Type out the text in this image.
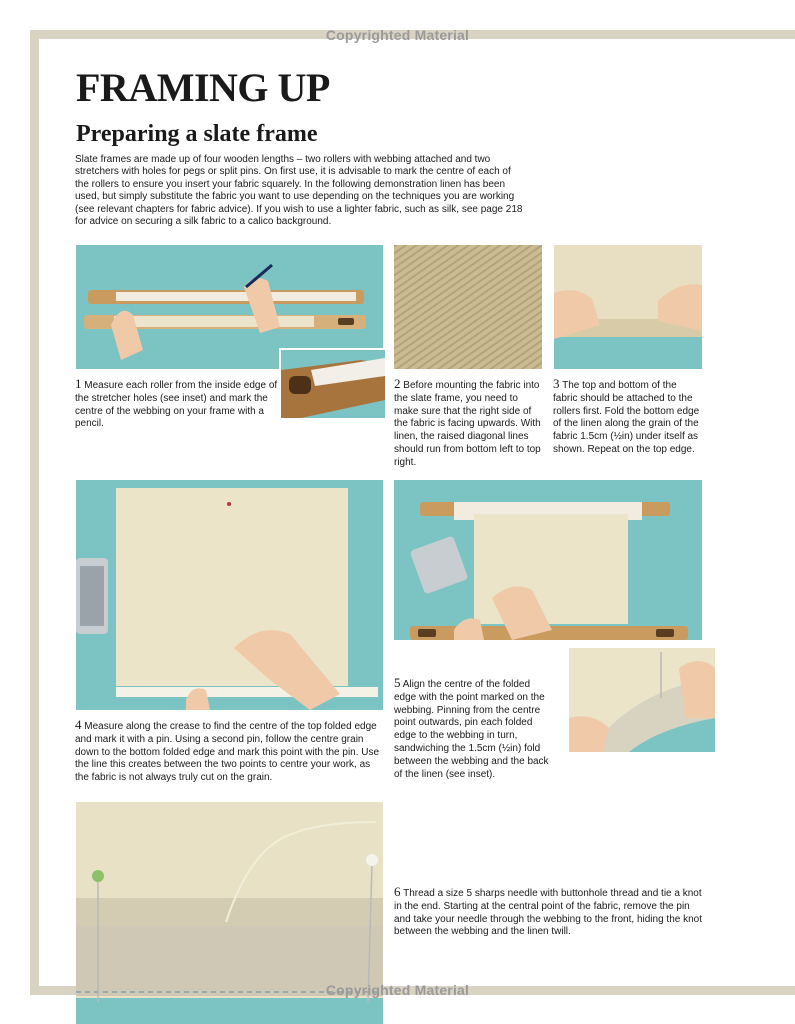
Copyrighted Material
FRAMING UP
Preparing a slate frame

Slate frames are made up of four wooden lengths – two rollers with webbing attached and two stretchers with holes for pegs or split pins. On first use, it is advisable to mark the centre of each of the rollers to ensure you insert your fabric squarely. In the following demonstration linen has been used, but simply substitute the fabric you want to use depending on the techniques you are working (see relevant chapters for fabric advice). If you wish to use a lighter fabric, such as silk, see page 218 for advice on securing a silk fabric to a calico background.

1 Measure each roller from the inside edge of the stretcher holes (see inset) and mark the centre of the webbing on your frame with a pencil.

2 Before mounting the fabric into the slate frame, you need to make sure that the right side of the fabric is facing upwards. With linen, the raised diagonal lines should run from bottom left to top right.

3 The top and bottom of the fabric should be attached to the rollers first. Fold the bottom edge of the linen along the grain of the fabric 1.5cm (½in) under itself as shown. Repeat on the top edge.

4 Measure along the crease to find the centre of the top folded edge and mark it with a pin. Using a second pin, follow the centre grain down to the bottom folded edge and mark this point with the pin. Use the line this creates between the two points to centre your work, as the fabric is not always truly cut on the grain.

5 Align the centre of the folded edge with the point marked on the webbing. Pinning from the centre point outwards, pin each folded edge to the webbing in turn, sandwiching the 1.5cm (½in) fold between the webbing and the back of the linen (see inset).

6 Thread a size 5 sharps needle with buttonhole thread and tie a knot in the end. Starting at the central point of the fabric, remove the pin and take your needle through the webbing to the front, hiding the knot between the webbing and the linen twill.

Copyrighted Material
